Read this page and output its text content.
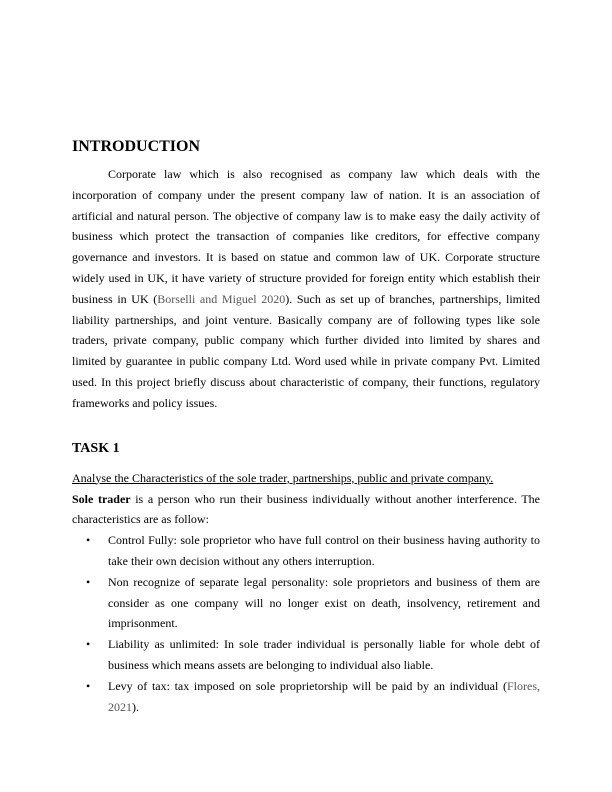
INTRODUCTION

Corporate law which is also recognised as company law which deals with the incorporation of company under the present company law of nation. It is an association of artificial and natural person. The objective of company law is to make easy the daily activity of business which protect the transaction of companies like creditors, for effective company governance and investors. It is based on statue and common law of UK. Corporate structure widely used in UK, it have variety of structure provided for foreign entity which establish their business in UK (Borselli and Miguel 2020). Such as set up of branches, partnerships, limited liability partnerships, and joint venture. Basically company are of following types like sole traders, private company, public company which further divided into limited by shares and limited by guarantee in public company Ltd. Word used while in private company Pvt. Limited used. In this project briefly discuss about characteristic of company, their functions, regulatory frameworks and policy issues.

TASK 1

Analyse the Characteristics of the sole trader, partnerships, public and private company.

Sole trader is a person who run their business individually without another interference. The characteristics are as follow:

• Control Fully: sole proprietor who have full control on their business having authority to take their own decision without any others interruption.
• Non recognize of separate legal personality: sole proprietors and business of them are consider as one company will no longer exist on death, insolvency, retirement and imprisonment.
• Liability as unlimited: In sole trader individual is personally liable for whole debt of business which means assets are belonging to individual also liable.
• Levy of tax: tax imposed on sole proprietorship will be paid by an individual (Flores, 2021).
